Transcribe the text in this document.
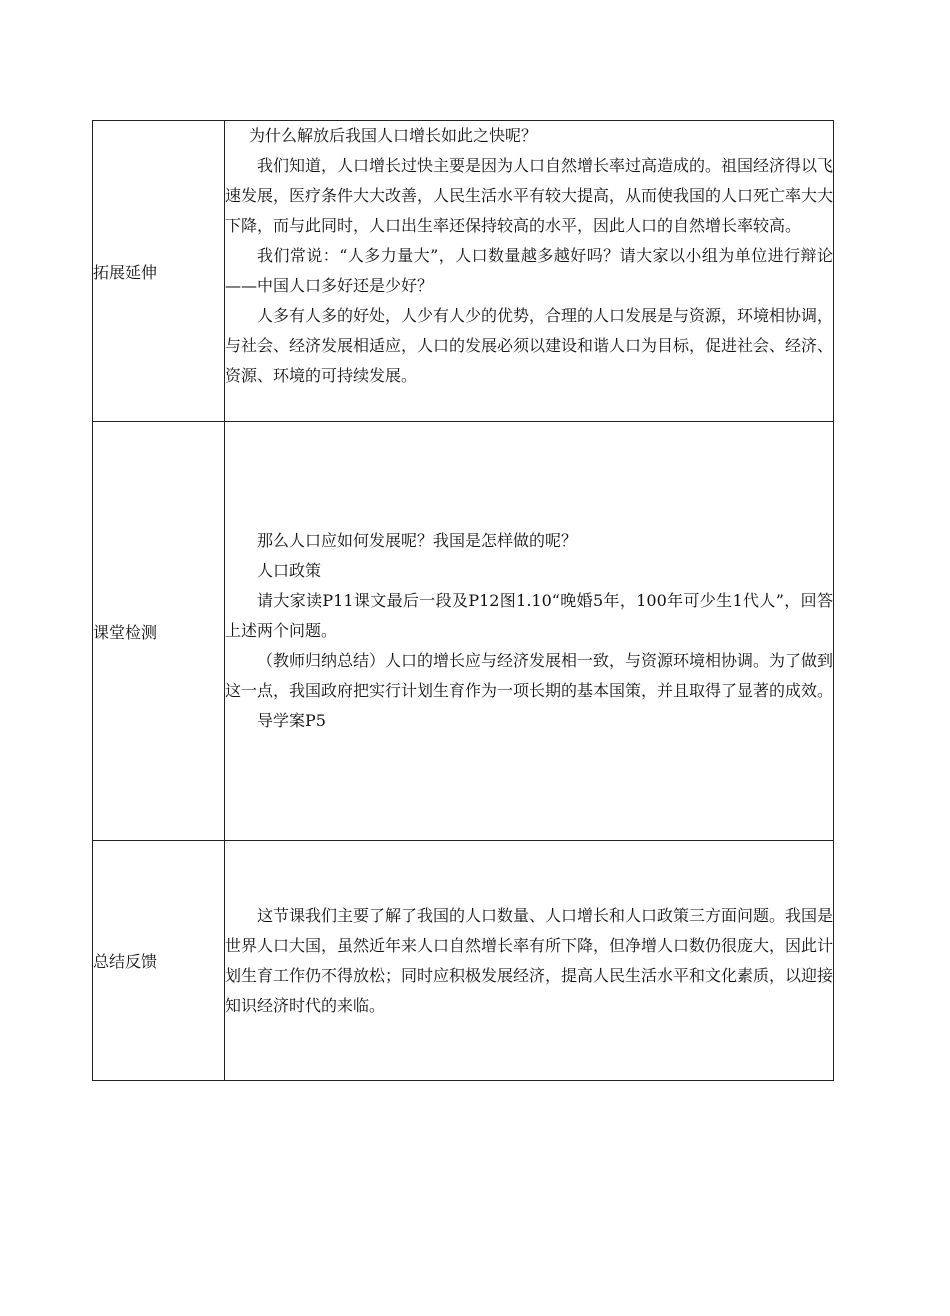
拓展延伸	为什么解放后我国人口增长如此之快呢？

我们知道，人口增长过快主要是因为人口自然增长率过高造成的。祖国经济得以飞速发展，医疗条件大大改善，人民生活水平有较大提高，从而使我国的人口死亡率大大下降，而与此同时，人口出生率还保持较高的水平，因此人口的自然增长率较高。

我们常说：“人多力量大”，人口数量越多越好吗？请大家以小组为单位进行辩论——中国人口多好还是少好？

人多有人多的好处，人少有人少的优势，合理的人口发展是与资源，环境相协调，与社会、经济发展相适应，人口的发展必须以建设和谐人口为目标，促进社会、经济、资源、环境的可持续发展。

课堂检测	那么人口应如何发展呢？我国是怎样做的呢？

人口政策

请大家读P11课文最后一段及P12图1.10“晚婚5年，100年可少生1代人”，回答上述两个问题。

（教师归纳总结）人口的增长应与经济发展相一致，与资源环境相协调。为了做到这一点，我国政府把实行计划生育作为一项长期的基本国策，并且取得了显著的成效。

导学案P5

总结反馈	这节课我们主要了解了我国的人口数量、人口增长和人口政策三方面问题。我国是世界人口大国，虽然近年来人口自然增长率有所下降，但净增人口数仍很庞大，因此计划生育工作仍不得放松；同时应积极发展经济，提高人民生活水平和文化素质，以迎接知识经济时代的来临。
